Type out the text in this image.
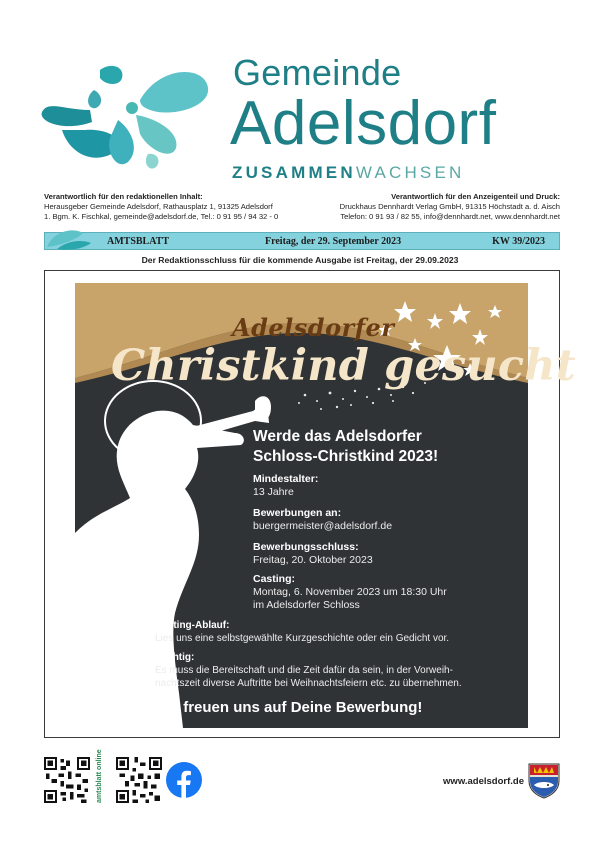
Gemeinde
Adelsdorf
ZUSAMMENWACHSEN
Verantwortlich für den redaktionellen Inhalt:
Herausgeber Gemeinde Adelsdorf, Rathausplatz 1, 91325 Adelsdorf
1. Bgm. K. Fischkal, gemeinde@adelsdorf.de, Tel.: 0 91 95 / 94 32 - 0
Verantwortlich für den Anzeigenteil und Druck:
Druckhaus Dennhardt Verlag GmbH, 91315 Höchstadt a. d. Aisch
Telefon: 0 91 93 / 82 55, info@dennhardt.net, www.dennhardt.net
AMTSBLATT	Freitag, der 29. September 2023	KW 39/2023
Der Redaktionsschluss für die kommende Ausgabe ist Freitag, der 29.09.2023
Adelsdorfer
Christkind gesucht
Werde das Adelsdorfer
Schloss-Christkind 2023!
Mindestalter:
13 Jahre
Bewerbungen an:
buergermeister@adelsdorf.de
Bewerbungsschluss:
Freitag, 20. Oktober 2023
Casting:
Montag, 6. November 2023 um 18:30 Uhr
im Adelsdorfer Schloss
Casting-Ablauf:
Lies uns eine selbstgewählte Kurzgeschichte oder ein Gedicht vor.
Wichtig:
Es muss die Bereitschaft und die Zeit dafür da sein, in der Vorweih-
nachtszeit diverse Auftritte bei Weihnachtsfeiern etc. zu übernehmen.
Wir freuen uns auf Deine Bewerbung!
amtsblatt online	www.adelsdorf.de
